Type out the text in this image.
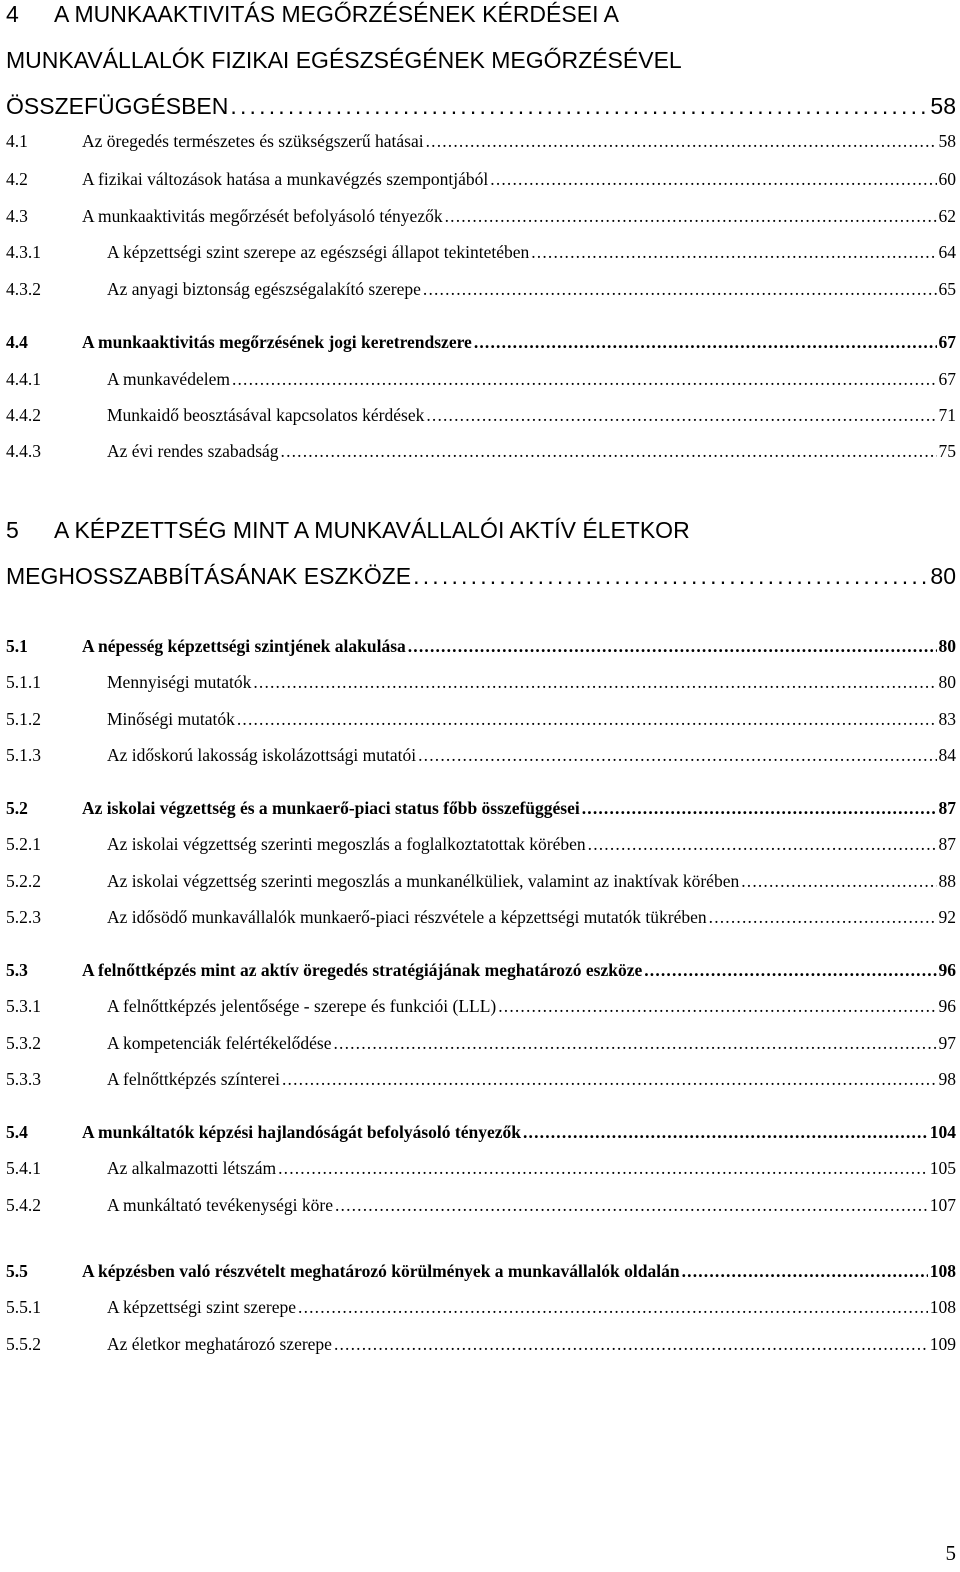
4 A MUNKAAKTIVITÁS MEGŐRZÉSÉNEK KÉRDÉSEI A
MUNKAVÁLLALÓK FIZIKAI EGÉSZSÉGÉNEK MEGŐRZÉSÉVEL
ÖSSZEFÜGGÉSBEN . . .	58
4.1	Az öregedés természetes és szükségszerű hatásai . . .	58
4.2	A fizikai változások hatása a munkavégzés szempontjából . . .	60
4.3	A munkaaktivitás megőrzését befolyásoló tényezők . . .	62
4.3.1	A képzettségi szint szerepe az egészségi állapot tekintetében . . .	64
4.3.2	Az anyagi biztonság egészségalakító szerepe . . .	65
4.4	A munkaaktivitás megőrzésének jogi keretrendszere . . .	67
4.4.1	A munkavédelem . . .	67
4.4.2	Munkaidő beosztásával kapcsolatos kérdések . . .	71
4.4.3	Az évi rendes szabadság . . .	75
5 A KÉPZETTSÉG MINT A MUNKAVÁLLALÓI AKTÍV ÉLETKOR
MEGHOSSZABBÍTÁSÁNAK ESZKÖZE . . .	80
5.1	A népesség képzettségi szintjének alakulása . . .	80
5.1.1	Mennyiségi mutatók . . .	80
5.1.2	Minőségi mutatók . . .	83
5.1.3	Az időskorú lakosság iskolázottsági mutatói . . .	84
5.2	Az iskolai végzettség és a munkaerő-piaci status főbb összefüggései . . .	87
5.2.1	Az iskolai végzettség szerinti megoszlás a foglalkoztatottak körében . . .	87
5.2.2	Az iskolai végzettség szerinti megoszlás a munkanélküliek, valamint az inaktívak körében . . .	88
5.2.3	Az idősödő munkavállalók munkaerő-piaci részvétele a képzettségi mutatók tükrében . . .	92
5.3	A felnőttképzés mint az aktív öregedés stratégiájának meghatározó eszköze . . .	96
5.3.1	A felnőttképzés jelentősége - szerepe és funkciói (LLL) . . .	96
5.3.2	A kompetenciák felértékelődése . . .	97
5.3.3	A felnőttképzés színterei . . .	98
5.4	A munkáltatók képzési hajlandóságát befolyásoló tényezők . . .	104
5.4.1	Az alkalmazotti létszám . . .	105
5.4.2	A munkáltató tevékenységi köre . . .	107
5.5	A képzésben való részvételt meghatározó körülmények a munkavállalók oldalán . . .	108
5.5.1	A képzettségi szint szerepe . . .	108
5.5.2	Az életkor meghatározó szerepe . . .	109
5
